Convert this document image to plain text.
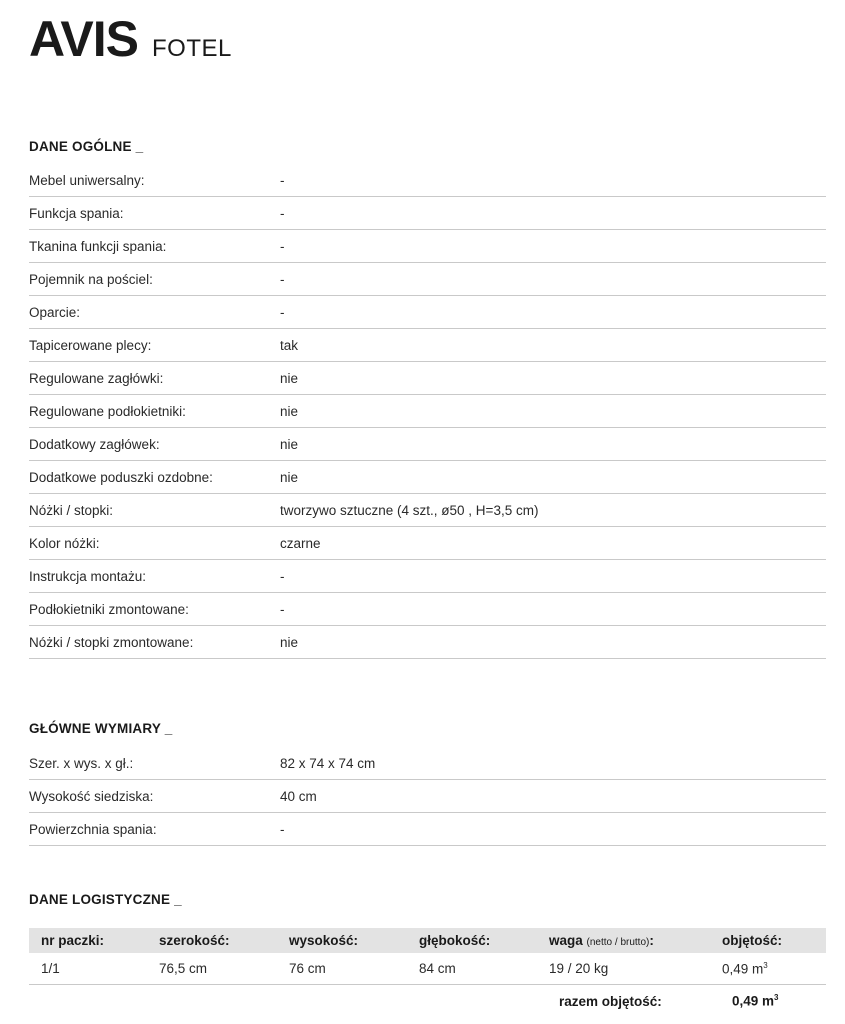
AVIS FOTEL
DANE OGÓLNE _
Mebel uniwersalny:	-
Funkcja spania:	-
Tkanina funkcji spania:	-
Pojemnik na pościel:	-
Oparcie:	-
Tapicerowane plecy:	tak
Regulowane zagłówki:	nie
Regulowane podłokietniki:	nie
Dodatkowy zagłówek:	nie
Dodatkowe poduszki ozdobne:	nie
Nóżki / stopki:	tworzywo sztuczne (4 szt., ø50 , H=3,5 cm)
Kolor nóżki:	czarne
Instrukcja montażu:	-
Podłokietniki zmontowane:	-
Nóżki / stopki zmontowane:	nie
GŁÓWNE WYMIARY _
Szer. x wys. x gł.:	82 x 74 x 74 cm
Wysokość siedziska:	40 cm
Powierzchnia spania:	-
DANE LOGISTYCZNE _
nr paczki:	szerokość:	wysokość:	głębokość:	waga (netto / brutto):	objętość:
1/1	76,5 cm	76 cm	84 cm	19 / 20 kg	0,49 $m^3$
razem objętość:	0,49 $m^3$
